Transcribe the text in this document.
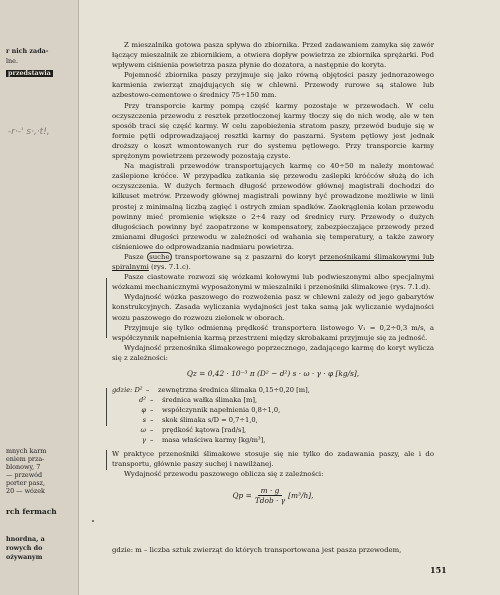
r nich zada-
lne.
przedstawia
-r·-' s·,·t!,
mnych karm
eniem prza-
blonowy, 7
— przewód
porter pasz,
20 — wózek
rch fermach
hnordna, a
rowych do
ożywanym

Z mieszalnika gotowa pasza spływa do zbiornika. Przed zadawaniem zamyka się zawór łączący mieszalnik ze zbiornikiem, a otwiera dopływ powietrza ze zbiornika sprężarki. Pod wpływem ciśnienia powietrza pasza płynie do dozatora, a następnie do koryta.

Pojemność zbiornika paszy przyjmuje się jako równą objętości paszy jednorazowego karmienia zwierząt znajdujących się w chlewni. Przewody rurowe są stalowe lub azbestowo-cementowe o średnicy 75÷150 mm.

Przy transporcie karmy pompą część karmy pozostaje w przewodach. W celu oczyszczenia przewodu z resztek przetłoczonej karmy tłoczy się do nich wodę, ale w ten sposób traci się część karmy. W celu zapobieżenia stratom paszy, przewód buduje się w formie pętli odprowadzającej resztki karmy do paszarni. System pętlowy jest jednak droższy o koszt wmontowanych rur do systemu pętlowego. Przy transporcie karmy sprężonym powietrzem przewody pozostają czyste.

Na magistrali przewodów transportujących karmę co 40÷50 m należy montować zaślepione króćce. W przypadku zatkania się przewodu zaślepki króćców służą do ich oczyszczenia. W dużych fermach długość przewodów głównej magistrali dochodzi do kilkuset metrów. Przewody głównej magistrali powinny być prowadzone możliwie w linii prostej z minimalną liczbą zagięć i ostrych zmian spadków. Zaokrąglenia kolan przewodu powinny mieć promienie większe o 2÷4 razy od średnicy rury. Przewody o dużych długościach powinny być zaopatrzone w kompensatory, zabezpieczające przewody przed zmianami długości przewodu w zależności od wahania się temperatury, a także zawory ciśnieniowe do odprowadzania nadmiaru powietrza.

Pasze suche transportowane są z paszarni do koryt przenośnikami ślimakowymi lub spiralnymi (rys. 7.1.c).

Pasze ciastowate rozwozi się wózkami kołowymi lub podwieszonymi albo specjalnymi wózkami mechanicznymi wyposażonymi w mieszalniki i przenośniki ślimakowe (rys. 7.1.d).

Wydajność wózka paszowego do rozwożenia pasz w chlewni zależy od jego gabarytów konstrukcyjnych. Zasada wyliczania wydajności jest taka samą jak wyliczanie wydajności wozu paszowego do rozwozu zielonek w oborach.

Przyjmuje się tylko odmienną prędkość transportera listowego V₁ = 0,2÷0,3 m/s, a współczynnik napełnienia karmą przestrzeni między skrobakami przyjmuje się za jedność.

Wydajność przenośnika ślimakowego poprzecznego, zadającego karmę do koryt wylicza się z zależności:

Qz = 0,42 · 10⁻³ π (D² − d²) s · ω · γ · φ [kg/s],
gdzie: D² –	zewnętrzna średnica ślimaka 0,15÷0,20 [m],
d² –	średnica wałka ślimaka [m],
φ –	współczynnik napełnienia 0,8÷1,0,
s –	skok ślimaka s/D = 0,7÷1,0,
ω –	prędkość kątowa [rad/s],
γ –	masa właściwa karmy [kg/m³],

W praktyce przenośniki ślimakowe stosuje się nie tylko do zadawania paszy, ale i do transportu, głównie paszy suchej i nawilżanej.

Wydajność przewodu paszowego oblicza się z zależności:

$Qp = \frac{m \cdot g}{\text{Tdob · γ}} [m^3/h]$,
gdzie: m – liczba sztuk zwierząt do których transportowana jest pasza przewodem,
151
